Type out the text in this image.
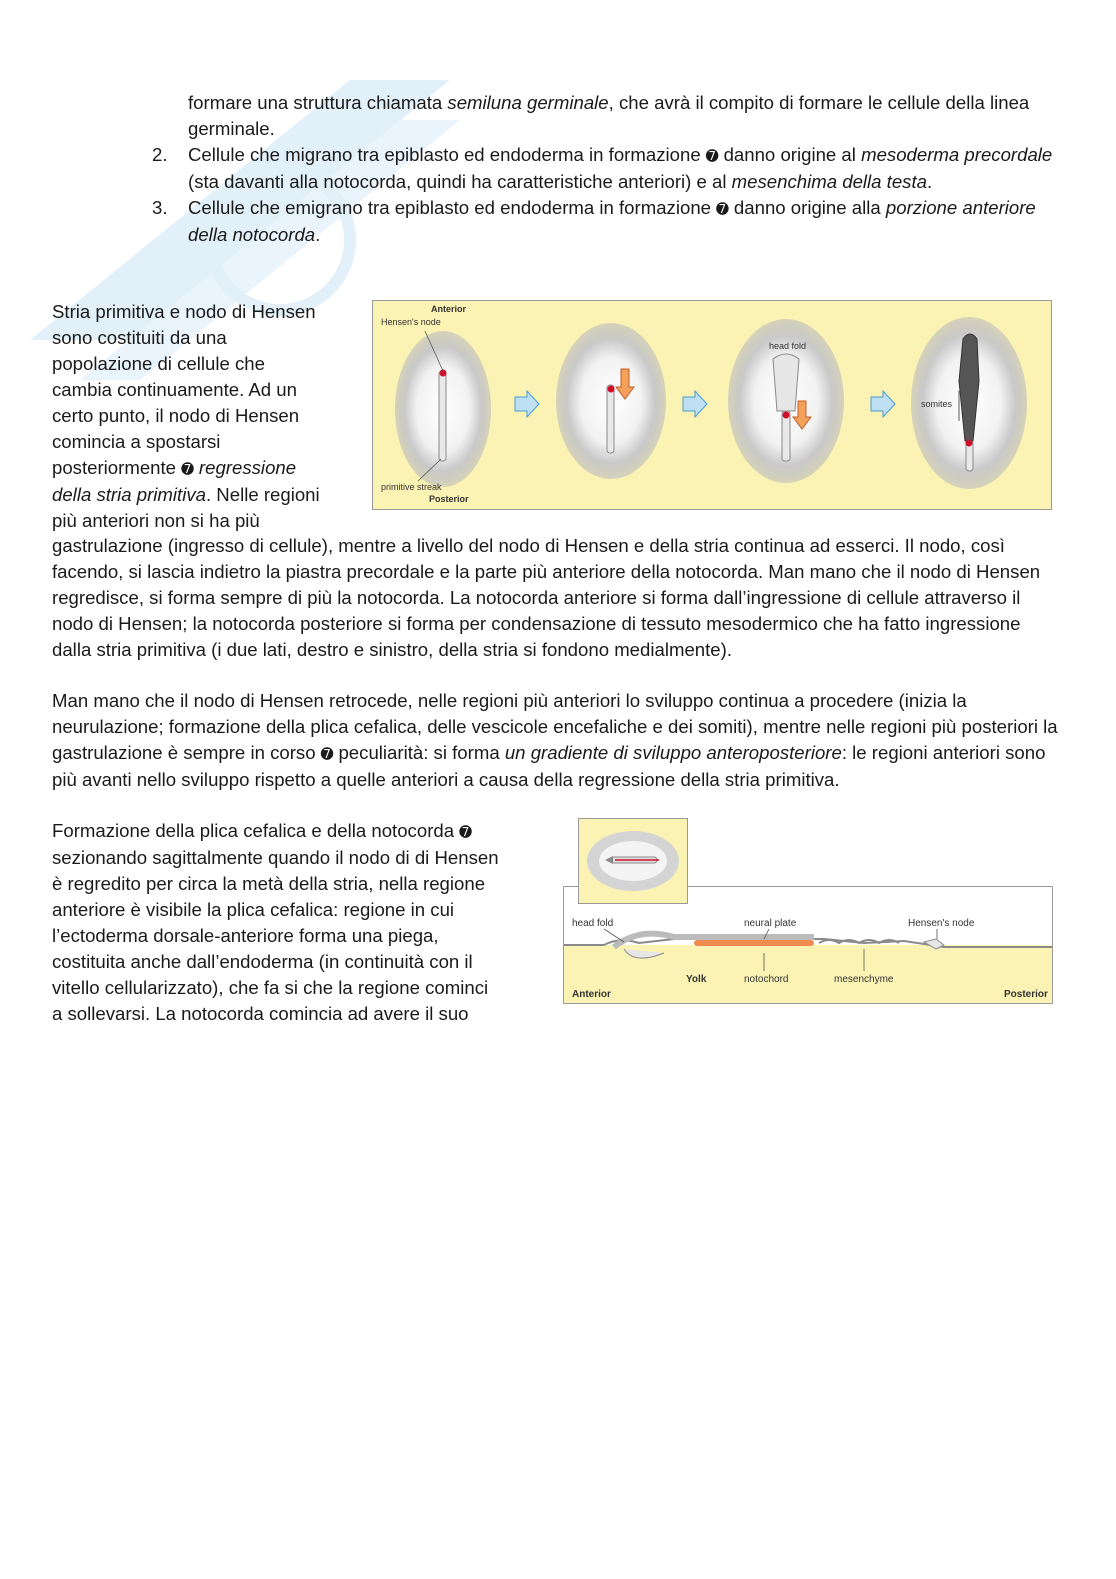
formare una struttura chiamata semiluna germinale, che avrà il compito di formare le cellule della linea germinale.
2. Cellule che migrano tra epiblasto ed endoderma in formazione ➐ danno origine al mesoderma precordale (sta davanti alla notocorda, quindi ha caratteristiche anteriori) e al mesenchima della testa.
3. Cellule che emigrano tra epiblasto ed endoderma in formazione ➐ danno origine alla porzione anteriore della notocorda.
Stria primitiva e nodo di Hensen
sono costituiti da una
popolazione di cellule che
cambia continuamente. Ad un
certo punto, il nodo di Hensen
comincia a spostarsi
posteriormente ➐ regressione
della stria primitiva. Nelle regioni
più anteriori non si ha più

gastrulazione (ingresso di cellule), mentre a livello del nodo di Hensen e della stria continua ad esserci. Il nodo, così facendo, si lascia indietro la piastra precordale e la parte più anteriore della notocorda. Man mano che il nodo di Hensen regredisce, si forma sempre di più la notocorda. La notocorda anteriore si forma dall’ingressione di cellule attraverso il nodo di Hensen; la notocorda posteriore si forma per condensazione di tessuto mesodermico che ha fatto ingressione dalla stria primitiva (i due lati, destro e sinistro, della stria si fondono medialmente).

Anterior
Hensen's node
primitive streak
Posterior
head fold
somites

Man mano che il nodo di Hensen retrocede, nelle regioni più anteriori lo sviluppo continua a procedere (inizia la neurulazione; formazione della plica cefalica, delle vescicole encefaliche e dei somiti), mentre nelle regioni più posteriori la gastrulazione è sempre in corso ➐ peculiarità: si forma un gradiente di sviluppo anteroposteriore: le regioni anteriori sono più avanti nello sviluppo rispetto a quelle anteriori a causa della regressione della stria primitiva.

Formazione della plica cefalica e della notocorda ➐
sezionando sagittalmente quando il nodo di di Hensen
è regredito per circa la metà della stria, nella regione
anteriore è visibile la plica cefalica: regione in cui
l’ectoderma dorsale-anteriore forma una piega,
costituita anche dall’endoderma (in continuità con il
vitello cellularizzato), che fa si che la regione cominci
a sollevarsi. La notocorda comincia ad avere il suo
head fold	neural plate	Hensen's node
Yolk	notochord	mesenchyme
Anterior	Posterior
